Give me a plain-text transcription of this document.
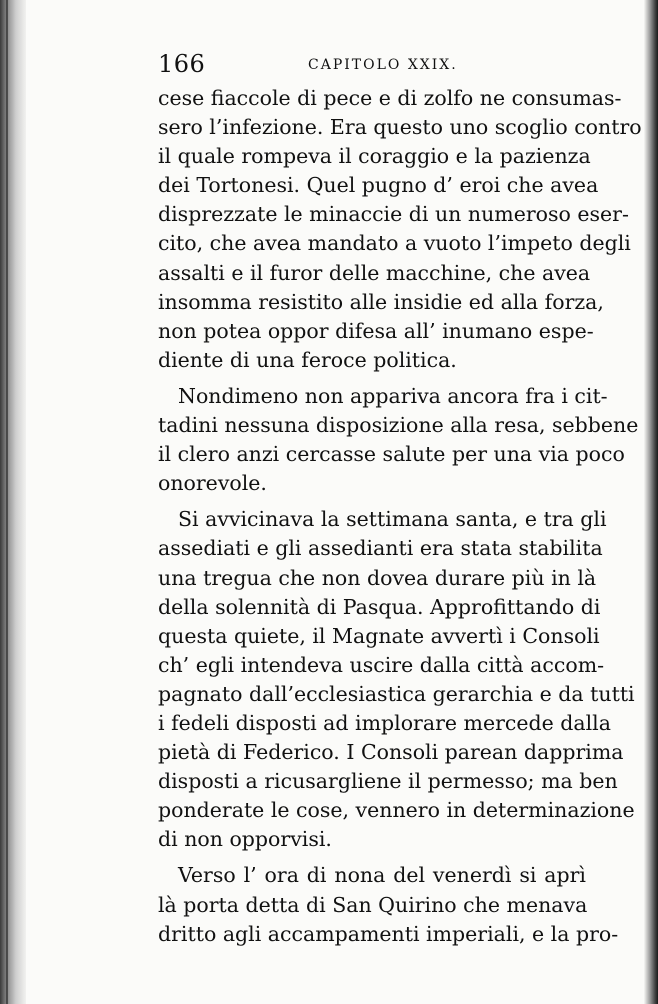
166	CAPITOLO XXIX.
cese fiaccole di pece e di zolfo ne consumas-
sero l’infezione. Era questo uno scoglio contro
il quale rompeva il coraggio e la pazienza
dei Tortonesi. Quel pugno d’ eroi che avea
disprezzate le minaccie di un numeroso eser-
cito, che avea mandato a vuoto l’impeto degli
assalti e il furor delle macchine, che avea
insomma resistito alle insidie ed alla forza,
non potea oppor difesa all’ inumano espe-
diente di una feroce politica.
Nondimeno non appariva ancora fra i cit-
tadini nessuna disposizione alla resa, sebbene
il clero anzi cercasse salute per una via poco
onorevole.
Si avvicinava la settimana santa, e tra gli
assediati e gli assedianti era stata stabilita
una tregua che non dovea durare più in là
della solennità di Pasqua. Approfittando di
questa quiete, il Magnate avvertì i Consoli
ch’ egli intendeva uscire dalla città accom-
pagnato dall’ecclesiastica gerarchia e da tutti
i fedeli disposti ad implorare mercede dalla
pietà di Federico. I Consoli parean dapprima
disposti a ricusargliene il permesso; ma ben
ponderate le cose, vennero in determinazione
di non opporvisi.
Verso l’ ora di nona del venerdì si aprì
là porta detta di San Quirino che menava
dritto agli accampamenti imperiali, e la pro-
